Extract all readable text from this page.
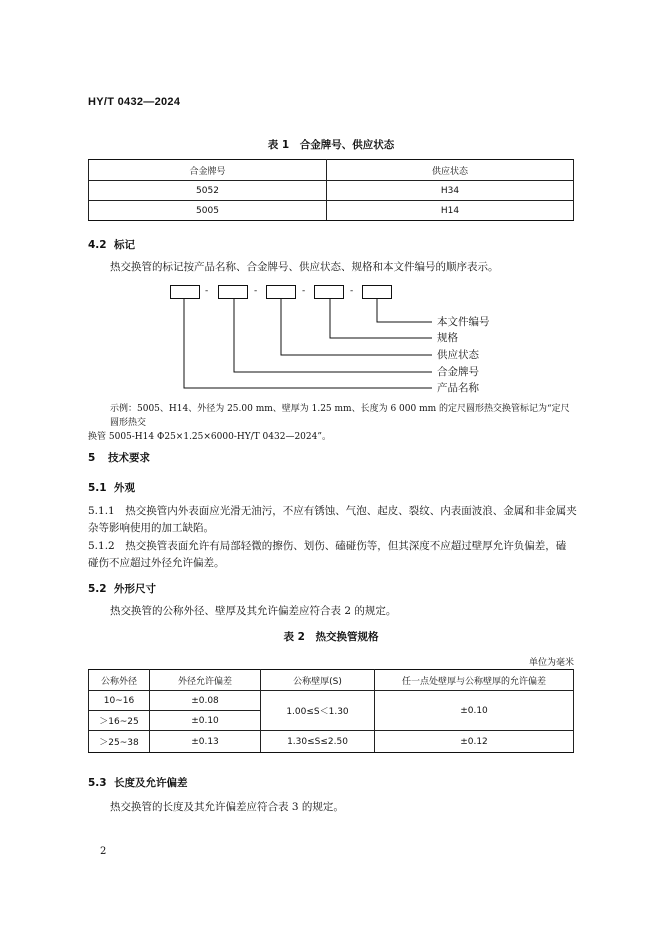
HY/T 0432—2024
表 1　合金牌号、供应状态
合金牌号	供应状态
5052	H34
5005	H14
4.2 标记
热交换管的标记按产品名称、合金牌号、供应状态、规格和本文件编号的顺序表示。
-	-	-	-
本文件编号
规格
供应状态
合金牌号
产品名称
示例：5005、H14、外径为 25.00 mm、壁厚为 1.25 mm、长度为 6 000 mm 的定尺圆形热交换管标记为“定尺圆形热交
换管 5005-H14 Φ25×1.25×6000-HY/T 0432—2024”。
5 技术要求
5.1 外观
5.1.1　热交换管内外表面应光滑无油污，不应有锈蚀、气泡、起皮、裂纹、内表面波浪、金属和非金属夹
杂等影响使用的加工缺陷。
5.1.2　热交换管表面允许有局部轻微的擦伤、划伤、磕碰伤等，但其深度不应超过壁厚允许负偏差，磕
碰伤不应超过外径允许偏差。
5.2 外形尺寸
热交换管的公称外径、壁厚及其允许偏差应符合表 2 的规定。
表 2　热交换管规格
单位为毫米
公称外径	外径允许偏差	公称壁厚(S)	任一点处壁厚与公称壁厚的允许偏差
10~16	±0.08	1.00≤S＜1.30	±0.10
＞16~25	±0.10		
＞25~38	±0.13	1.30≤S≤2.50	±0.12
5.3 长度及允许偏差
热交换管的长度及其允许偏差应符合表 3 的规定。
2
